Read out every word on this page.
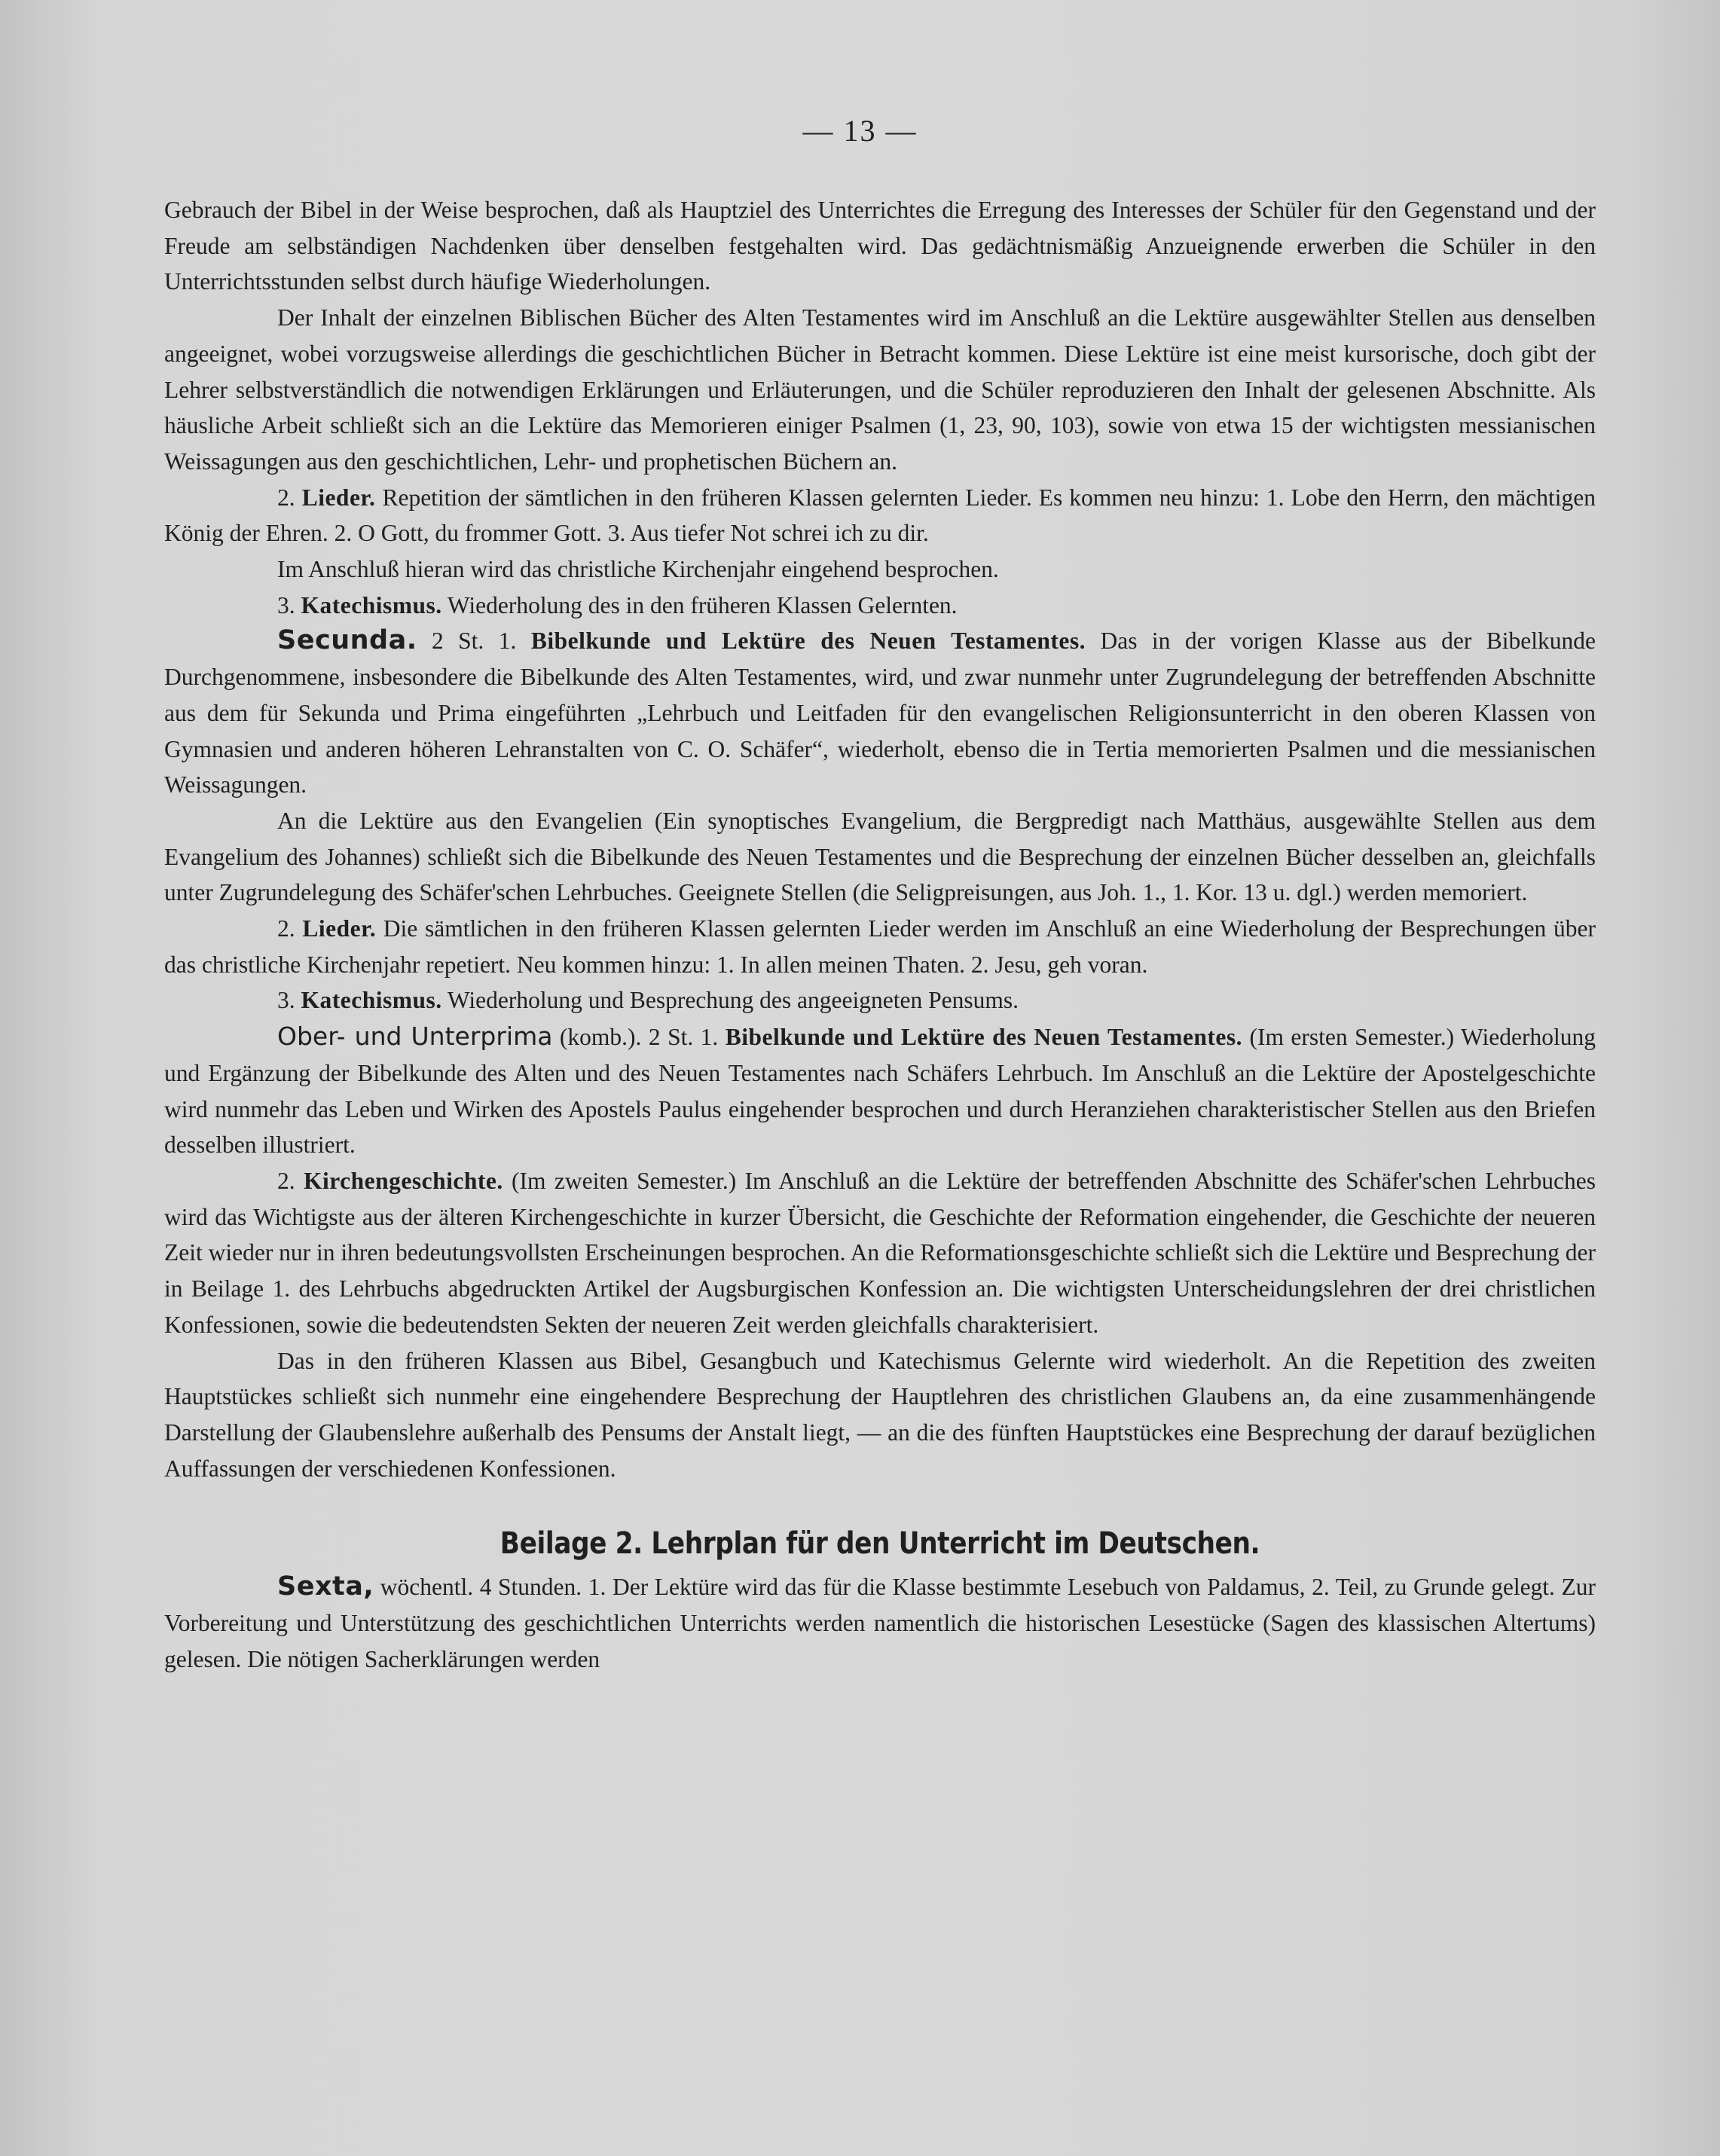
— 13 —

Gebrauch der Bibel in der Weise besprochen, daß als Hauptziel des Unterrichtes die Erregung des Interesses der Schüler für den Gegenstand und der Freude am selbständigen Nachdenken über denselben festgehalten wird. Das gedächtnismäßig Anzueignende erwerben die Schüler in den Unterrichtsstunden selbst durch häufige Wiederholungen.

Der Inhalt der einzelnen Biblischen Bücher des Alten Testamentes wird im Anschluß an die Lektüre ausgewählter Stellen aus denselben angeeignet, wobei vorzugsweise allerdings die geschichtlichen Bücher in Betracht kommen. Diese Lektüre ist eine meist kursorische, doch gibt der Lehrer selbstverständlich die notwendigen Erklärungen und Erläuterungen, und die Schüler reproduzieren den Inhalt der gelesenen Abschnitte. Als häusliche Arbeit schließt sich an die Lektüre das Memorieren einiger Psalmen (1, 23, 90, 103), sowie von etwa 15 der wichtigsten messianischen Weissagungen aus den geschichtlichen, Lehr- und prophetischen Büchern an.

2. Lieder. Repetition der sämtlichen in den früheren Klassen gelernten Lieder. Es kommen neu hinzu: 1. Lobe den Herrn, den mächtigen König der Ehren. 2. O Gott, du frommer Gott. 3. Aus tiefer Not schrei ich zu dir.

Im Anschluß hieran wird das christliche Kirchenjahr eingehend besprochen.

3. Katechismus. Wiederholung des in den früheren Klassen Gelernten.

Secunda. 2 St. 1. Bibelkunde und Lektüre des Neuen Testamentes. Das in der vorigen Klasse aus der Bibelkunde Durchgenommene, insbesondere die Bibelkunde des Alten Testamentes, wird, und zwar nunmehr unter Zugrundelegung der betreffenden Abschnitte aus dem für Sekunda und Prima eingeführten „Lehrbuch und Leitfaden für den evangelischen Religionsunterricht in den oberen Klassen von Gymnasien und anderen höheren Lehranstalten von C. O. Schäfer“, wiederholt, ebenso die in Tertia memorierten Psalmen und die messianischen Weissagungen.

An die Lektüre aus den Evangelien (Ein synoptisches Evangelium, die Bergpredigt nach Matthäus, ausgewählte Stellen aus dem Evangelium des Johannes) schließt sich die Bibelkunde des Neuen Testamentes und die Besprechung der einzelnen Bücher desselben an, gleichfalls unter Zugrundelegung des Schäfer'schen Lehrbuches. Geeignete Stellen (die Seligpreisungen, aus Joh. 1., 1. Kor. 13 u. dgl.) werden memoriert.

2. Lieder. Die sämtlichen in den früheren Klassen gelernten Lieder werden im Anschluß an eine Wiederholung der Besprechungen über das christliche Kirchenjahr repetiert. Neu kommen hinzu: 1. In allen meinen Thaten. 2. Jesu, geh voran.

3. Katechismus. Wiederholung und Besprechung des angeeigneten Pensums.

Ober- und Unterprima (komb.). 2 St. 1. Bibelkunde und Lektüre des Neuen Testamentes. (Im ersten Semester.) Wiederholung und Ergänzung der Bibelkunde des Alten und des Neuen Testamentes nach Schäfers Lehrbuch. Im Anschluß an die Lektüre der Apostelgeschichte wird nunmehr das Leben und Wirken des Apostels Paulus eingehender besprochen und durch Heranziehen charakteristischer Stellen aus den Briefen desselben illustriert.

2. Kirchengeschichte. (Im zweiten Semester.) Im Anschluß an die Lektüre der betreffenden Abschnitte des Schäfer'schen Lehrbuches wird das Wichtigste aus der älteren Kirchengeschichte in kurzer Übersicht, die Geschichte der Reformation eingehender, die Geschichte der neueren Zeit wieder nur in ihren bedeutungsvollsten Erscheinungen besprochen. An die Reformationsgeschichte schließt sich die Lektüre und Besprechung der in Beilage 1. des Lehrbuchs abgedruckten Artikel der Augsburgischen Konfession an. Die wichtigsten Unterscheidungslehren der drei christlichen Konfessionen, sowie die bedeutendsten Sekten der neueren Zeit werden gleichfalls charakterisiert.

Das in den früheren Klassen aus Bibel, Gesangbuch und Katechismus Gelernte wird wiederholt. An die Repetition des zweiten Hauptstückes schließt sich nunmehr eine eingehendere Besprechung der Hauptlehren des christlichen Glaubens an, da eine zusammenhängende Darstellung der Glaubenslehre außerhalb des Pensums der Anstalt liegt, — an die des fünften Hauptstückes eine Besprechung der darauf bezüglichen Auffassungen der verschiedenen Konfessionen.

Beilage 2. Lehrplan für den Unterricht im Deutschen.

Sexta, wöchentl. 4 Stunden. 1. Der Lektüre wird das für die Klasse bestimmte Lesebuch von Paldamus, 2. Teil, zu Grunde gelegt. Zur Vorbereitung und Unterstützung des geschichtlichen Unterrichts werden namentlich die historischen Lesestücke (Sagen des klassischen Altertums) gelesen. Die nötigen Sacherklärungen werden
